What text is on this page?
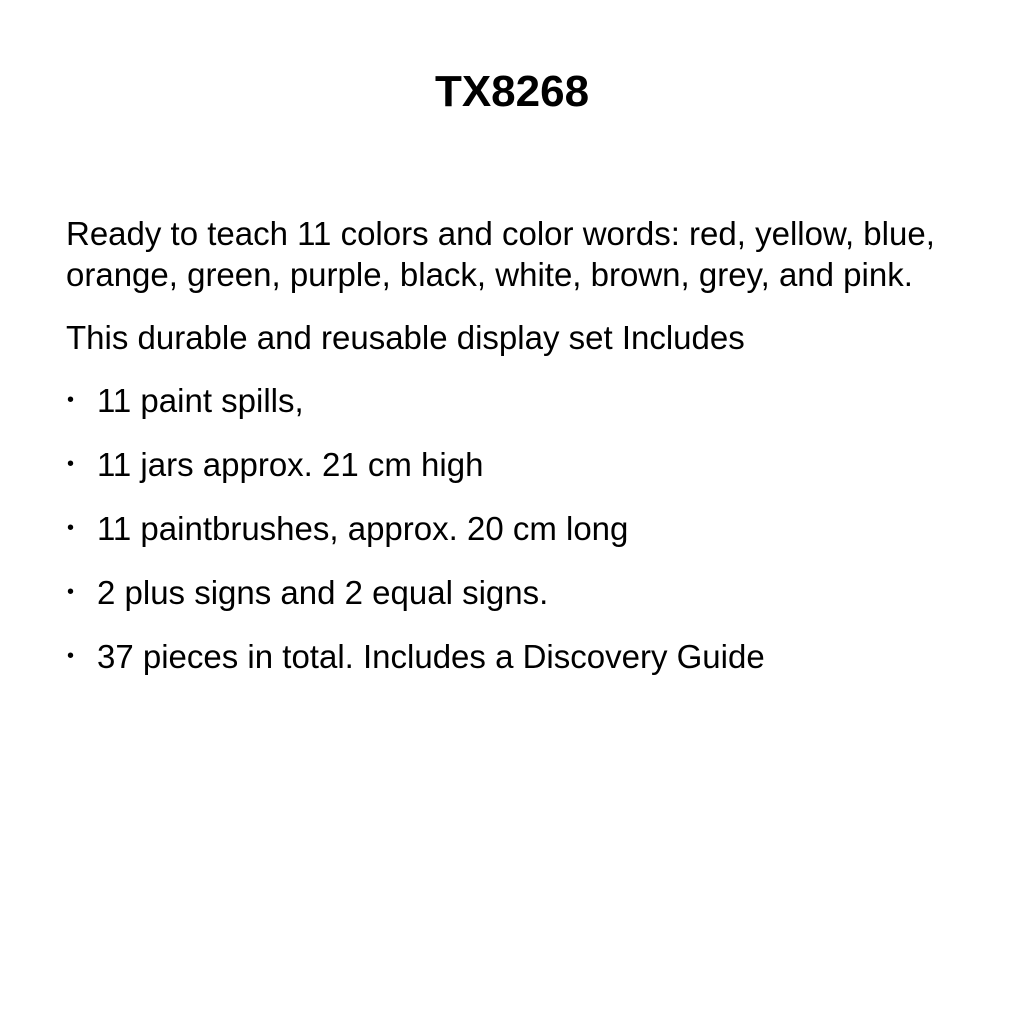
TX8268

Ready to teach 11 colors and color words: red, yellow, blue, orange, green, purple, black, white, brown, grey, and pink.

This durable and reusable display set Includes

• 11 paint spills,
• 11 jars approx. 21 cm high
• 11 paintbrushes, approx. 20 cm long
• 2 plus signs and 2 equal signs.
• 37 pieces in total. Includes a Discovery Guide
